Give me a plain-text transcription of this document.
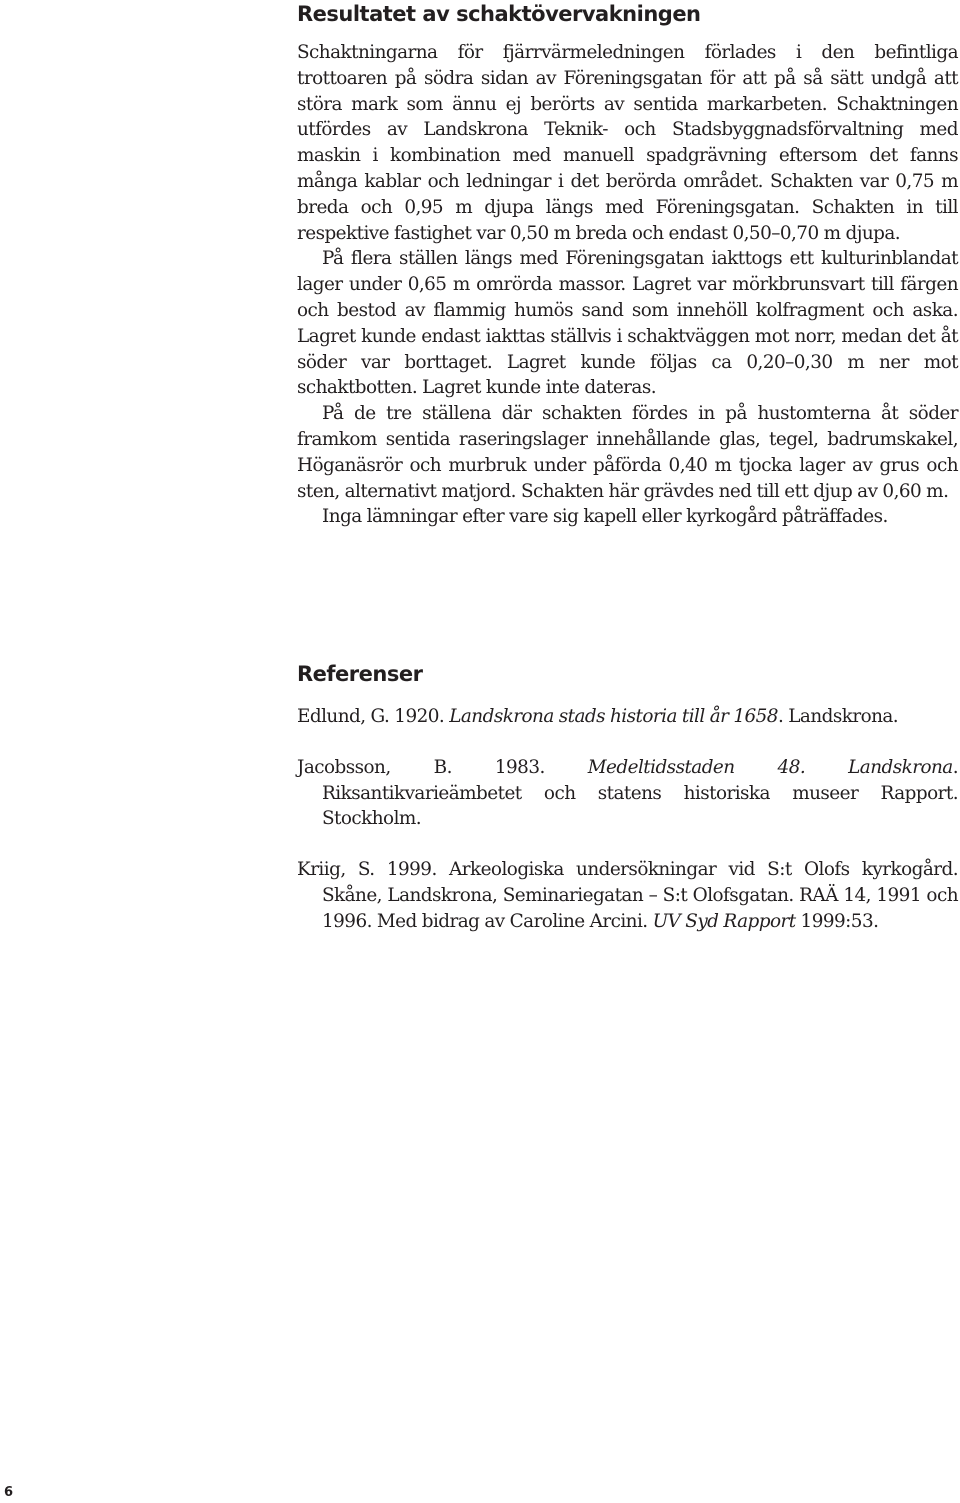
Resultatet av schaktövervakningen

Schaktningarna för fjärrvärmeledningen förlades i den befintliga trottoaren på södra sidan av Föreningsgatan för att på så sätt undgå att störa mark som ännu ej berörts av sentida markarbeten. Schaktningen utfördes av Landskrona Teknik- och Stadsbyggnadsförvaltning med maskin i kombination med manuell spadgrävning eftersom det fanns många kablar och ledningar i det berörda området. Schakten var 0,75 m breda och 0,95 m djupa längs med Föreningsgatan. Schakten in till respektive fastighet var 0,50 m breda och endast 0,50–0,70 m djupa.

På flera ställen längs med Föreningsgatan iakttogs ett kulturinblandat lager under 0,65 m omrörda massor. Lagret var mörkbrunsvart till färgen och bestod av flammig humös sand som innehöll kolfragment och aska. Lagret kunde endast iakttas ställvis i schaktväggen mot norr, medan det åt söder var borttaget. Lagret kunde följas ca 0,20–0,30 m ner mot schaktbotten. Lagret kunde inte dateras.

På de tre ställena där schakten fördes in på hustomterna åt söder framkom sentida raseringslager innehållande glas, tegel, badrumskakel, Höganäsrör och murbruk under påförda 0,40 m tjocka lager av grus och sten, alternativt matjord. Schakten här grävdes ned till ett djup av 0,60 m.

Inga lämningar efter vare sig kapell eller kyrkogård påträffades.

Referenser

Edlund, G. 1920. Landskrona stads historia till år 1658. Landskrona.

Jacobsson, B. 1983. Medeltidsstaden 48. Landskrona. Riksantikvarieämbetet och statens historiska museer Rapport. Stockholm.

Kriig, S. 1999. Arkeologiska undersökningar vid S:t Olofs kyrkogård. Skåne, Landskrona, Seminariegatan – S:t Olofsgatan. RAÄ 14, 1991 och 1996. Med bidrag av Caroline Arcini. UV Syd Rapport 1999:53.

6
